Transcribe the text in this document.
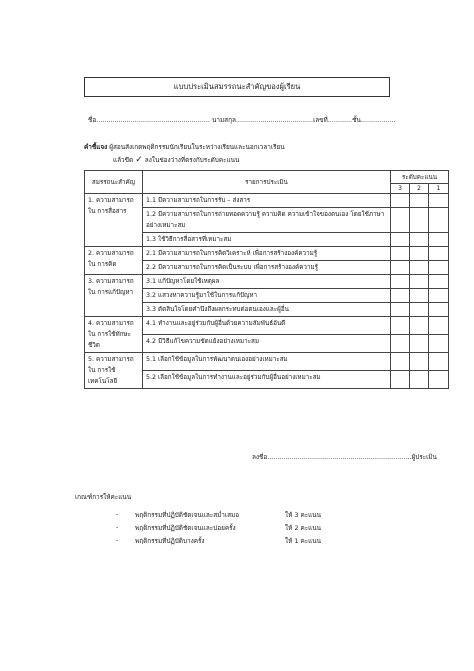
แบบประเมินสมรรถนะสำคัญของผู้เรียน
ชื่อ........................................................ นามสกุล......................................เลขที่............ชั้น.................
คำชี้แจง ผู้สอนสังเกตพฤติกรรมนักเรียนในระหว่างเรียนและนอกเวลาเรียน
แล้วขีด ✓ ลงในช่องว่างที่ตรงกับระดับคะแนน
สมรรถนะสำคัญ	รายการประเมิน	ระดับคะแนน		
		3	2	1
1. ความสามารถใน การสื่อสาร	1.1 มีความสามารถในการรับ – ส่งสาร			
	1.2 มีความสามารถในการถ่ายทอดความรู้ ความคิด ความเข้าใจของตนเอง โดยใช้ภาษาอย่างเหมาะสม			
	1.3 ใช้วิธีการสื่อสารที่เหมาะสม			
2. ความสามารถใน การคิด	2.1 มีความสามารถในการคิดวิเคราะห์ เพื่อการสร้างองค์ความรู้			
	2.2 มีความสามารถในการคิดเป็นระบบ เพื่อการสร้างองค์ความรู้			
3. ความสามารถใน การแก้ปัญหา	3.1 แก้ปัญหาโดยใช้เหตุผล			
	3.2 แสวงหาความรู้มาใช้ในการแก้ปัญหา			
	3.3 ตัดสินใจโดยคำนึงถึงผลกระทบต่อตนเองและผู้อื่น			
4. ความสามารถใน การใช้ทักษะชีวิต	4.1 ทำงานและอยู่ร่วมกับผู้อื่นด้วยความสัมพันธ์อันดี			
	4.2 มีวิธีแก้ไขความขัดแย้งอย่างเหมาะสม			
5. ความสามารถใน การใช้เทคโนโลยี	5.1 เลือกใช้ข้อมูลในการพัฒนาตนเองอย่างเหมาะสม			
	5.2 เลือกใช้ข้อมูลในการทำงานและอยู่ร่วมกับผู้อื่นอย่างเหมาะสม			
ลงชื่อ.......................................................................ผู้ประเมิน
เกณฑ์การให้คะแนน
-	พฤติกรรมที่ปฏิบัติชัดเจนและสม่ำเสมอ	ให้ 3 คะแนน
-	พฤติกรรมที่ปฏิบัติชัดเจนและบ่อยครั้ง	ให้ 2 คะแนน
-	พฤติกรรมที่ปฏิบัติบางครั้ง	ให้ 1 คะแนน
